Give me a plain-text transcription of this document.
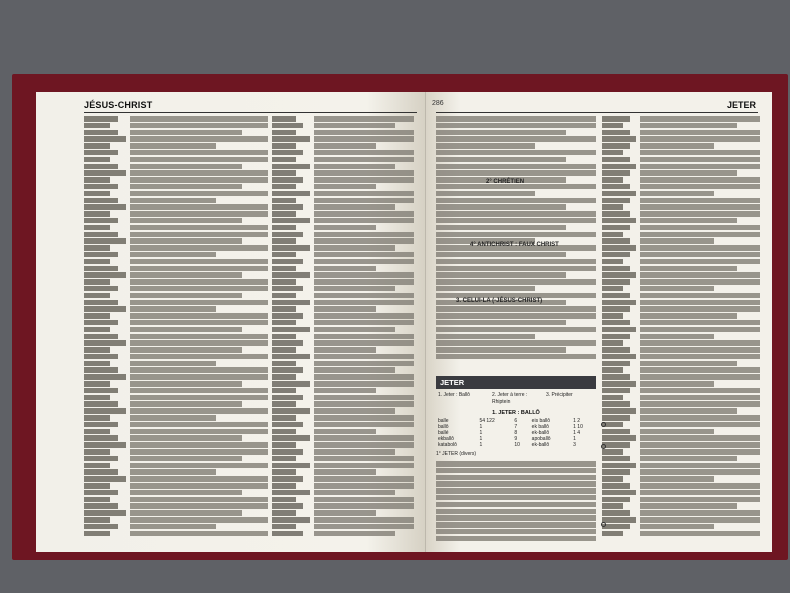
JÉSUS-CHRIST	286	JETER
2° CHRÉTIEN
4° ANTICHRIST : FAUX CHRIST
3. CELUI-LA (-JÉSUS-CHRIST)
JETER
1. Jeter : Ballô	2. Jeter à terre : Rhiptein
3. Précipiter
1. JETER : BALLÔ
balle	54 122	6	eis ballô	1 2
ballô	1	7	ek ballô	1 10
ballé	1	8	ek-ballô	1 4
ekballô	1	9	apoballô	1
katabolô	1	10	ek-ballô	3
1° JETER (divers)
